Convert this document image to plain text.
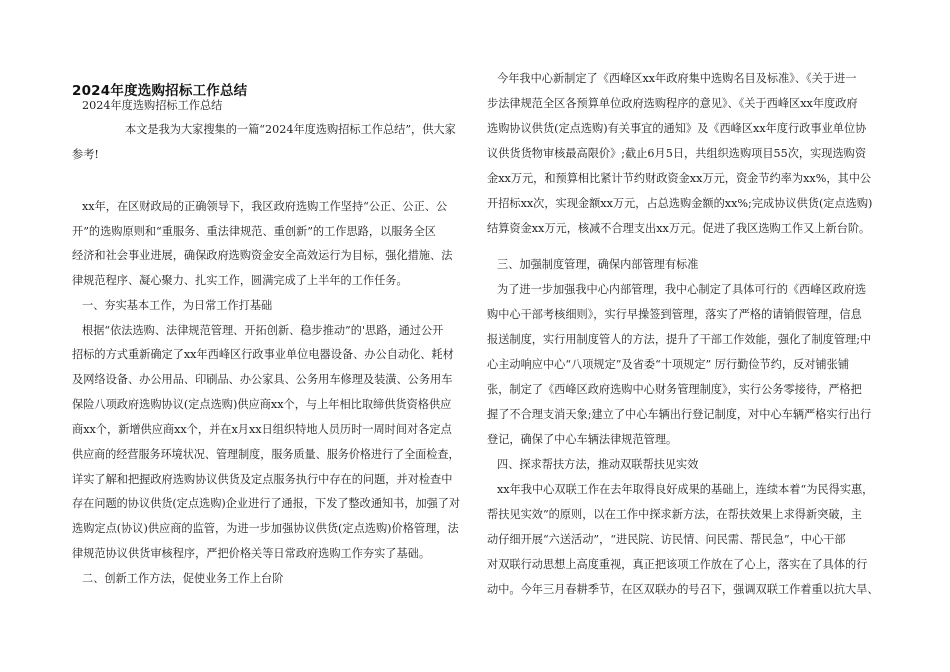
2024年度选购招标工作总结
2024年度选购招标工作总结
本文是我为大家搜集的一篇“2024年度选购招标工作总结”，供大家
参考!
xx年，在区财政局的正确领导下，我区政府选购工作坚持“公正、公正、公
开”的选购原则和“重服务、重法律规范、重创新”的工作思路，以服务全区
经济和社会事业进展，确保政府选购资金安全高效运行为目标，强化措施、法
律规范程序、凝心聚力、扎实工作，圆满完成了上半年的工作任务。
一、夯实基本工作，为日常工作打基础
根据“依法选购、法律规范管理、开拓创新、稳步推动”的'思路，通过公开
招标的方式重新确定了xx年西峰区行政事业单位电器设备、办公自动化、耗材
及网络设备、办公用品、印刷品、办公家具、公务用车修理及装潢、公务用车
保险八项政府选购协议(定点选购)供应商xx个，与上年相比取缔供货资格供应
商xx个，新增供应商xx个，并在x月xx日组织特地人员历时一周时间对各定点
供应商的经营服务环境状况、管理制度，服务质量、服务价格进行了全面检查，
详实了解和把握政府选购协议供货及定点服务执行中存在的问题，并对检查中
存在问题的协议供货(定点选购)企业进行了通报，下发了整改通知书，加强了对
选购定点(协议)供应商的监管，为进一步加强协议供货(定点选购)价格管理，法
律规范协议供货审核程序，严把价格关等日常政府选购工作夯实了基础。
二、创新工作方法，促使业务工作上台阶
今年我中心新制定了《西峰区xx年政府集中选购名目及标准》、《关于进一
步法律规范全区各预算单位政府选购程序的意见》、《关于西峰区xx年度政府
选购协议供货(定点选购)有关事宜的通知》及《西峰区xx年度行政事业单位协
议供货货物审核最高限价》;截止6月5日，共组织选购项目55次，实现选购资
金xx万元，和预算相比紧计节约财政资金xx万元，资金节约率为xx%，其中公
开招标xx次，实现金额xx万元，占总选购金额的xx%;完成协议供货(定点选购)
结算资金xx万元，核减不合理支出xx万元。促进了我区选购工作又上新台阶。
三、加强制度管理，确保内部管理有标准
为了进一步加强我中心内部管理，我中心制定了具体可行的《西峰区政府选
购中心干部考核细则》，实行早操签到管理，落实了严格的请销假管理，信息
报送制度，实行用制度管人的方法，提升了干部工作效能，强化了制度管理;中
心主动响应中心“八项规定”及省委“十项规定” 厉行勤俭节约，反对铺张铺
张，制定了《西峰区政府选购中心财务管理制度》，实行公务零接待，严格把
握了不合理支消天象;建立了中心车辆出行登记制度，对中心车辆严格实行出行
登记，确保了中心车辆法律规范管理。
四、探求帮扶方法，推动双联帮扶见实效
xx年我中心双联工作在去年取得良好成果的基础上，连续本着“为民得实惠，
帮扶见实效”的原则，以在工作中探求新方法，在帮扶效果上求得新突破，主
动仔细开展“六送活动”，“进民院、访民情、问民需、帮民急”，中心干部
对双联行动思想上高度重视，真正把该项工作放在了心上，落实在了具体的行
动中。今年三月春耕季节，在区双联办的号召下，强调双联工作着重以抗大旱、
